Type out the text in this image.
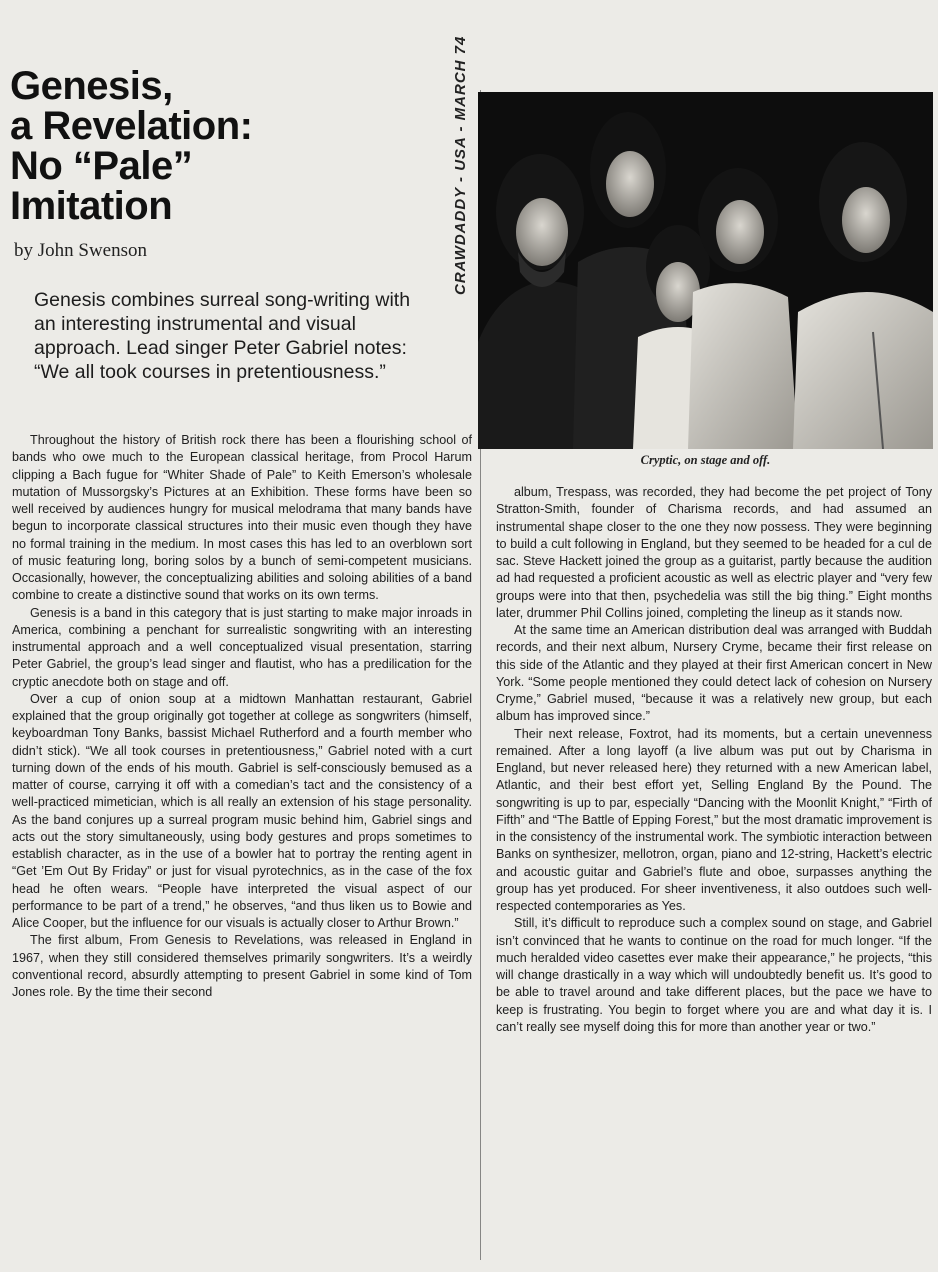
Genesis,
a Revelation:
No “Pale”
Imitation
by John Swenson	CRAWDADDY - USA - MARCH 74
Genesis combines surreal song-writing with an interesting instrumental and visual approach. Lead singer Peter Gabriel notes: “We all took courses in pretentiousness.”
Cryptic, on stage and off.

Throughout the history of British rock there has been a flourishing school of bands who owe much to the European classical heritage, from Procol Harum clipping a Bach fugue for “Whiter Shade of Pale” to Keith Emerson’s wholesale mutation of Mussorgsky’s Pictures at an Exhibition. These forms have been so well received by audiences hungry for musical melodrama that many bands have begun to incorporate classical structures into their music even though they have no formal training in the medium. In most cases this has led to an overblown sort of music featuring long, boring solos by a bunch of semi-competent musicians. Occasionally, however, the conceptualizing abilities and soloing abilities of a band combine to create a distinctive sound that works on its own terms.

Genesis is a band in this category that is just starting to make major inroads in America, combining a penchant for surrealistic songwriting with an interesting instrumental approach and a well conceptualized visual presentation, starring Peter Gabriel, the group’s lead singer and flautist, who has a predilication for the cryptic anecdote both on stage and off.

Over a cup of onion soup at a midtown Manhattan restaurant, Gabriel explained that the group originally got together at college as songwriters (himself, keyboardman Tony Banks, bassist Michael Rutherford and a fourth member who didn’t stick). “We all took courses in pretentiousness,” Gabriel noted with a curt turning down of the ends of his mouth. Gabriel is self-consciously bemused as a matter of course, carrying it off with a comedian’s tact and the consistency of a well-practiced mimetician, which is all really an extension of his stage personality. As the band conjures up a surreal program music behind him, Gabriel sings and acts out the story simultaneously, using body gestures and props sometimes to establish character, as in the use of a bowler hat to portray the renting agent in “Get ’Em Out By Friday” or just for visual pyrotechnics, as in the case of the fox head he often wears. “People have interpreted the visual aspect of our performance to be part of a trend,” he observes, “and thus liken us to Bowie and Alice Cooper, but the influence for our visuals is actually closer to Arthur Brown.”

The first album, From Genesis to Revelations, was released in England in 1967, when they still considered themselves primarily songwriters. It’s a weirdly conventional record, absurdly attempting to present Gabriel in some kind of Tom Jones role. By the time their second

album, Trespass, was recorded, they had become the pet project of Tony Stratton-Smith, founder of Charisma records, and had assumed an instrumental shape closer to the one they now possess. They were beginning to build a cult following in England, but they seemed to be headed for a cul de sac. Steve Hackett joined the group as a guitarist, partly because the audition ad had requested a proficient acoustic as well as electric player and “very few groups were into that then, psychedelia was still the big thing.” Eight months later, drummer Phil Collins joined, completing the lineup as it stands now.

At the same time an American distribution deal was arranged with Buddah records, and their next album, Nursery Cryme, became their first release on this side of the Atlantic and they played at their first American concert in New York. “Some people mentioned they could detect lack of cohesion on Nursery Cryme,” Gabriel mused, “because it was a relatively new group, but each album has improved since.”

Their next release, Foxtrot, had its moments, but a certain unevenness remained. After a long layoff (a live album was put out by Charisma in England, but never released here) they returned with a new American label, Atlantic, and their best effort yet, Selling England By the Pound. The songwriting is up to par, especially “Dancing with the Moonlit Knight,” “Firth of Fifth” and “The Battle of Epping Forest,” but the most dramatic improvement is in the consistency of the instrumental work. The symbiotic interaction between Banks on synthesizer, mellotron, organ, piano and 12-string, Hackett’s electric and acoustic guitar and Gabriel’s flute and oboe, surpasses anything the group has yet produced. For sheer inventiveness, it also outdoes such well-respected contemporaries as Yes.

Still, it’s difficult to reproduce such a complex sound on stage, and Gabriel isn’t convinced that he wants to continue on the road for much longer. “If the much heralded video casettes ever make their appearance,” he projects, “this will change drastically in a way which will undoubtedly benefit us. It’s good to be able to travel around and take different places, but the pace we have to keep is frustrating. You begin to forget where you are and what day it is. I can’t really see myself doing this for more than another year or two.”
